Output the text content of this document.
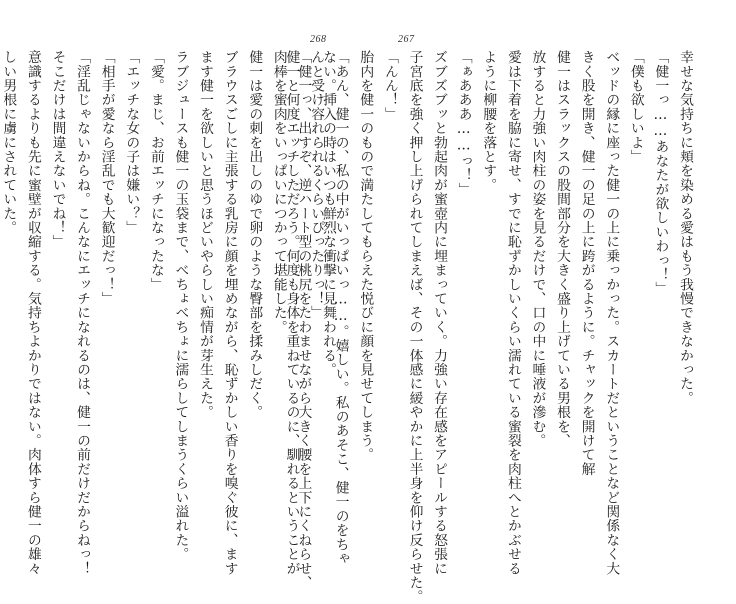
268
ない。挿入の時はいつも鮮烈な衝撃に見舞われる。
「健一っ、出すぞ、逆ハート型の桃尻をたわませながら大きく腰を上下にくねらせ、
肉棒を蜜肉をいっぱいにつかって堪能した。
健一は愛の刺を出しのゆで卵のような臀部を揉みしだく。
ブラウスごしに主張する乳房に顔を埋めながら、恥ずかしい香りを嗅ぐ彼に、ます
ます健一を欲しいと思うほどいやらしい痴情が芽生えた。
ラブジュースも健一の玉袋まで、べちょべちょに濡らしてしまうくらい溢れた。
「愛。まじ、お前エッチになったな」
「エッチな女の子は嫌い？」
「相手が愛なら淫乱でも大歓迎だっ！」
「淫乱じゃないからね。こんなにエッチになれるのは、健一の前だけだからねっ！
そこだけは間違えないでね！」
意識するよりも先に蜜壁が収縮する。気持ちよかりではない。肉体すら健一の雄々
しい男根に虜にされていた。
267
幸せな気持ちに頬を染める愛はもう我慢できなかった。
「健一っ……あなたが欲しいわっ！」
「僕も欲しいよ」
ベッドの縁に座った健一の上に乗っかった。スカートだということなど関係なく大
きく股を開き、健一の足の上に跨がるように。チャックを開けて解
健一はスラックスの股間部分を大きく盛り上げている男根を、
放すると力強い肉柱の姿を見るだけで、口の中に唾液が滲む。
愛は下着を脇に寄せ、すでに恥ずかしいくらい濡れている蜜裂を肉柱へとかぶせる
ように柳腰を落とす。
「ぁあああ……っ！」
ズブズブッと勃起肉が蜜壺内に埋まっていく。力強い存在感をアピールする怒張に
子宮底を強く押し上げられてしまえば、その一体感に緩やかに上半身を仰け反らせた。
「んん！」
胎内を健一のもので満たしてもらえた悦びに顔を見せてしまう。
「あん、健一の、私の中がいっぱいっ……。嬉しい。私のあそこ、健一のをちゃ
んと受け容れられるくらいぴったりっ！」
健一と何度エッチしただろう。何度も身体を重ねているのに、馴れるということが
